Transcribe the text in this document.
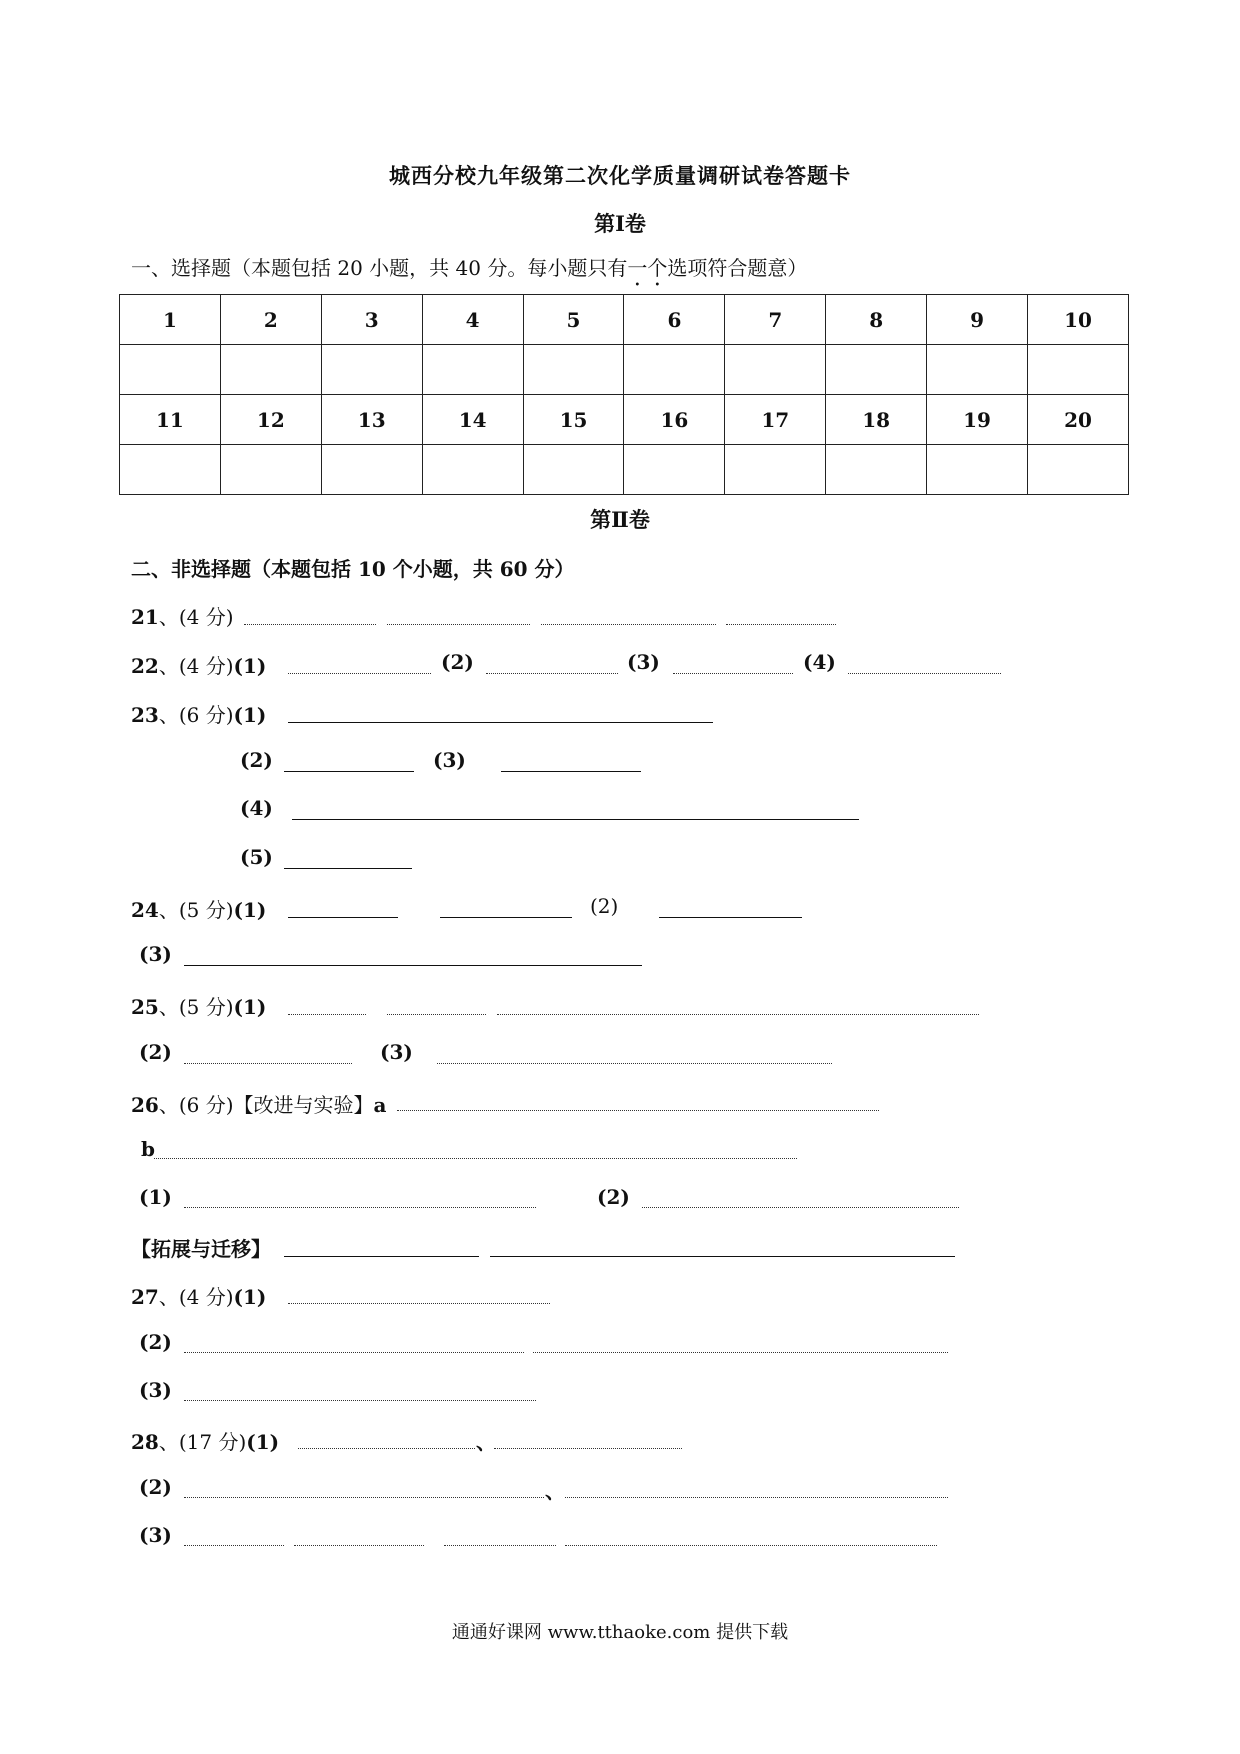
城西分校九年级第二次化学质量调研试卷答题卡
第Ⅰ卷
一、选择题（本题包括 20 小题，共 40 分。每小题只有一个选项符合题意）
1	2	3	4	5	6	7	8	9	10

11	12	13	14	15	16	17	18	19	20

第Ⅱ卷
二、非选择题（本题包括 10 个小题，共 60 分）
21、(4 分)
22、(4 分)(1)	(2)	(3)	(4)
23、(6 分)(1)
(2)	(3)
(4)
(5)
24、(5 分)(1)	(2)
(3)
25、(5 分)(1)
(2)	(3)
26、(6 分)【改进与实验】a
b
(1)	(2)
【拓展与迁移】
27、(4 分)(1)
(2)
(3)
28、(17 分)(1)	、
(2)	、
(3)
通通好课网 www.tthaoke.com 提供下载
